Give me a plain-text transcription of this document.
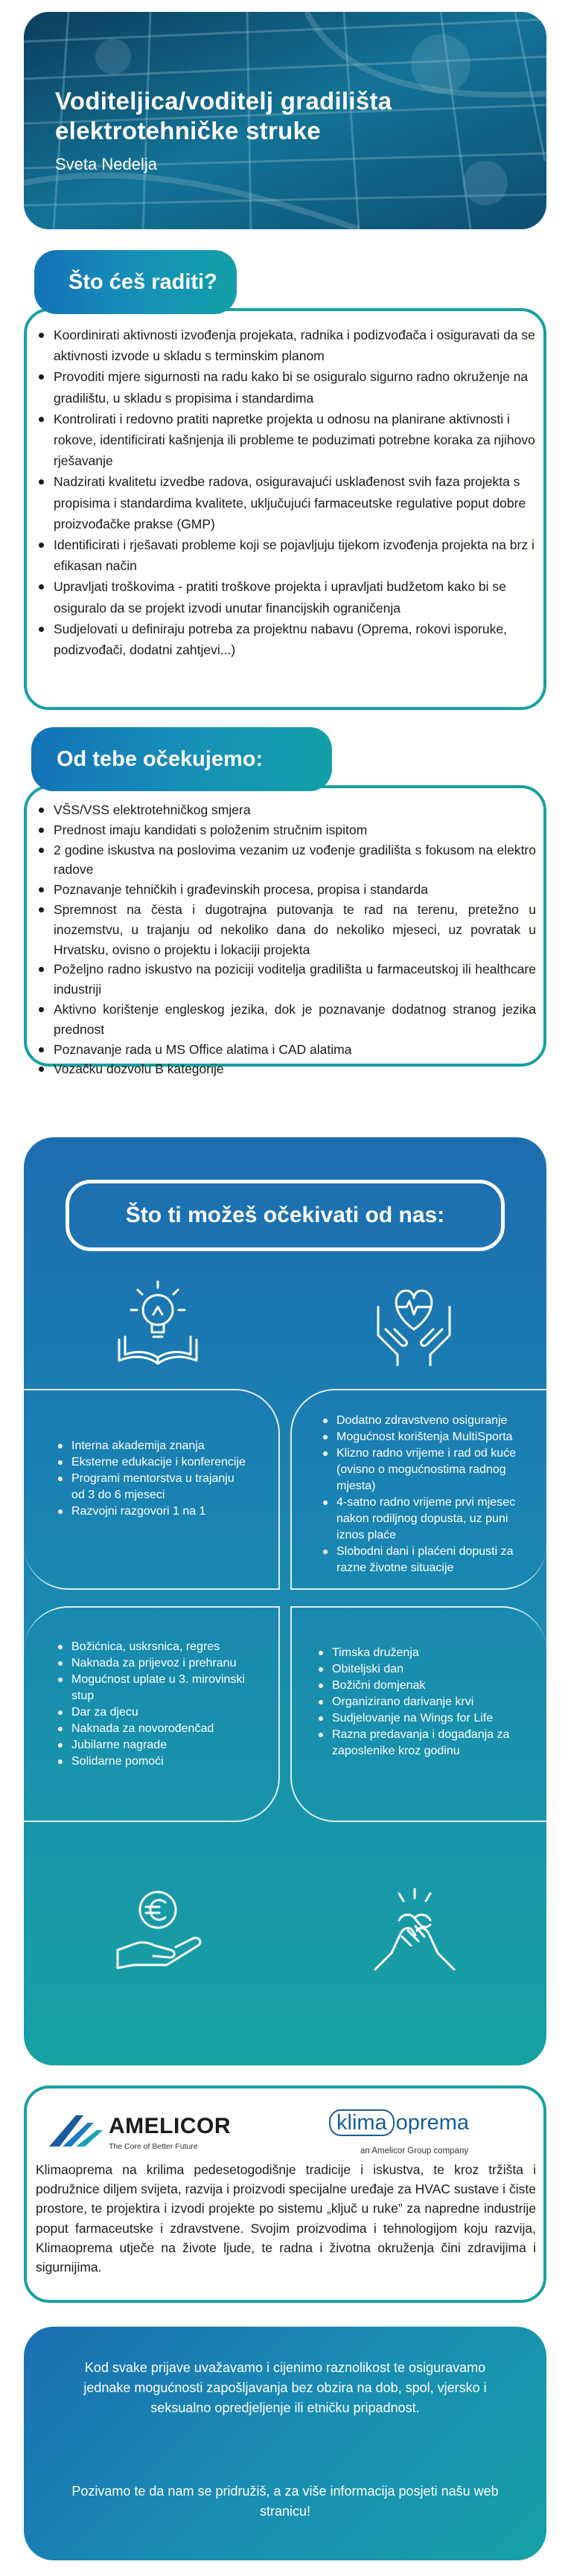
Voditeljica/voditelj gradilišta elektrotehničke struke
Sveta Nedelja
Koordinirati aktivnosti izvođenja projekata, radnika i podizvođača i osiguravati da se aktivnosti izvode u skladu s terminskim planom
Provoditi mjere sigurnosti na radu kako bi se osiguralo sigurno radno okruženje na gradilištu, u skladu s propisima i standardima
Kontrolirati i redovno pratiti napretke projekta u odnosu na planirane aktivnosti i rokove, identificirati kašnjenja ili probleme te poduzimati potrebne koraka za njihovo rješavanje
Nadzirati kvalitetu izvedbe radova, osiguravajući usklađenost svih faza projekta s propisima i standardima kvalitete, uključujući farmaceutske regulative poput dobre proizvođačke prakse (GMP)
Identificirati i rješavati probleme koji se pojavljuju tijekom izvođenja projekta na brz i efikasan način
Upravljati troškovima - pratiti troškove projekta i upravljati budžetom kako bi se osiguralo da se projekt izvodi unutar financijskih ograničenja
Sudjelovati u definiraju potreba za projektnu nabavu (Oprema, rokovi isporuke, podizvođači, dodatni zahtjevi...)
Što ćeš raditi?
VŠS/VSS elektrotehničkog smjera
Prednost imaju kandidati s položenim stručnim ispitom
2 godine iskustva na poslovima vezanim uz vođenje gradilišta s fokusom na elektro radove
Poznavanje tehničkih i građevinskih procesa, propisa i standarda
Spremnost na česta i dugotrajna putovanja te rad na terenu, pretežno u inozemstvu, u trajanju od nekoliko dana do nekoliko mjeseci, uz povratak u Hrvatsku, ovisno o projektu i lokaciji projekta
Poželjno radno iskustvo na poziciji voditelja gradilišta u farmaceutskoj ili healthcare industriji
Aktivno korištenje engleskog jezika, dok je poznavanje dodatnog stranog jezika prednost
Poznavanje rada u MS Office alatima i CAD alatima
Vozačku dozvolu B kategorije
Od tebe očekujemo:
Što ti možeš očekivati od nas:
Interna akademija znanja
Eksterne edukacije i konferencije
Programi mentorstva u trajanju od 3 do 6 mjeseci
Razvojni razgovori 1 na 1
Dodatno zdravstveno osiguranje
Mogućnost korištenja MultiSporta
Klizno radno vrijeme i rad od kuće (ovisno o mogućnostima radnog mjesta)
4-satno radno vrijeme prvi mjesec nakon rodiljnog dopusta, uz puni iznos plaće
Slobodni dani i plaćeni dopusti za razne životne situacije
Božićnica, uskrsnica, regres
Naknada za prijevoz i prehranu
Mogućnost uplate u 3. mirovinski stup
Dar za djecu
Naknada za novorođenčad
Jubilarne nagrade
Solidarne pomoći
Timska druženja
Obiteljski dan
Božični domjenak
Organizirano darivanje krvi
Sudjelovanje na Wings for Life
Razna predavanja i događanja za zaposlenike kroz godinu
AMELICOR
The Core of Better Future
klima oprema
an Amelicor Group company
Klimaoprema na krilima pedesetogodišnje tradicije i iskustva, te kroz tržišta i podružnice diljem svijeta, razvija i proizvodi specijalne uređaje za HVAC sustave i čiste prostore, te projektira i izvodi projekte po sistemu „ključ u ruke” za napredne industrije poput farmaceutske i zdravstvene. Svojim proizvodima i tehnologijom koju razvija, Klimaoprema utječe na živote ljude, te radna i životna okruženja čini zdravijima i sigurnijima.
Kod svake prijave uvažavamo i cijenimo raznolikost te osiguravamo jednake mogućnosti zapošljavanja bez obzira na dob, spol, vjersko i seksualno opredjeljenje ili etničku pripadnost.
Pozivamo te da nam se pridružiš, a za više informacija posjeti našu web stranicu!
